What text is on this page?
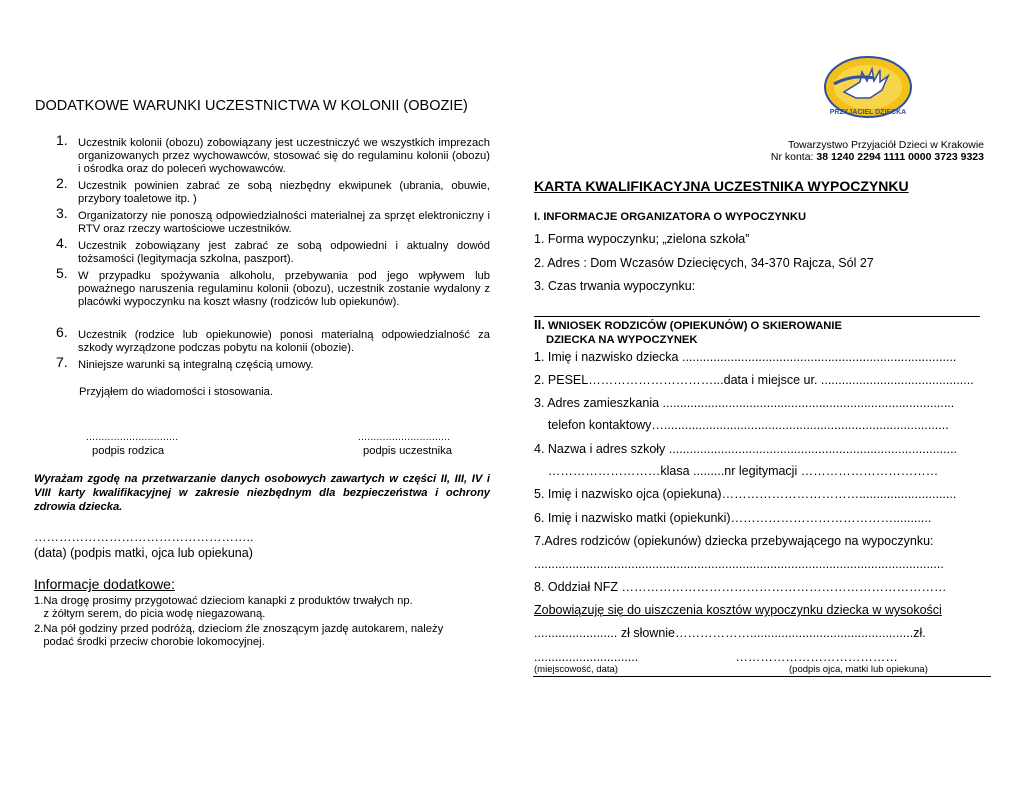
DODATKOWE WARUNKI UCZESTNICTWA W KOLONII (OBOZIE)
1. Uczestnik kolonii (obozu) zobowiązany jest uczestniczyć we wszystkich imprezach organizowanych przez wychowawców, stosować się do regulaminu kolonii (obozu) i ośrodka oraz do poleceń wychowawców.
2. Uczestnik powinien zabrać ze sobą niezbędny ekwipunek (ubrania, obuwie, przybory toaletowe itp. )
3. Organizatorzy nie ponoszą odpowiedzialności materialnej za sprzęt elektroniczny i RTV oraz rzeczy wartościowe uczestników.
4. Uczestnik zobowiązany jest zabrać ze sobą odpowiedni i aktualny dowód tożsamości (legitymacja szkolna, paszport).
5. W przypadku spożywania alkoholu, przebywania pod jego wpływem lub poważnego naruszenia regulaminu kolonii (obozu), uczestnik zostanie wydalony z placówki wypoczynku na koszt własny (rodziców lub opiekunów).
6. Uczestnik (rodzice lub opiekunowie) ponosi materialną odpowiedzialność za szkody wyrządzone podczas pobytu na kolonii (obozie).
7. Niniejsze warunki są integralną częścią umowy.
Przyjąłem do wiadomości i stosowania.
..............................	..............................
podpis rodzica	podpis uczestnika
Wyrażam zgodę na przetwarzanie danych osobowych zawartych w części II, III, IV i VIII karty kwalifikacyjnej w zakresie niezbędnym dla bezpieczeństwa i ochrony zdrowia dziecka.
……………………………………………..
(data) (podpis matki, ojca lub opiekuna)
Informacje dodatkowe:
1.Na drogę prosimy przygotować dzieciom kanapki z produktów trwałych np.
z żółtym serem, do picia wodę niegazowaną.
2.Na pół godziny przed podróżą, dzieciom źle znoszącym jazdę autokarem, należy
podać środki przeciw chorobie lokomocyjnej.
PRZYJACIEL DZIECKA
Towarzystwo Przyjaciół Dzieci w Krakowie
Nr konta: 38 1240 2294 1111 0000 3723 9323
KARTA KWALIFIKACYJNA UCZESTNIKA WYPOCZYNKU
I. INFORMACJE ORGANIZATORA O WYPOCZYNKU
1. Forma wypoczynku; „zielona szkoła”
2. Adres : Dom Wczasów Dziecięcych, 34-370 Rajcza, Sól 27
3. Czas trwania wypoczynku:
II. WNIOSEK RODZICÓW (OPIEKUNÓW) O SKIEROWANIE
DZIECKA NA WYPOCZYNEK
1. Imię i nazwisko dziecka ...............................................................................
2. PESEL…………………………...data i miejsce ur. ............................................
3. Adres zamieszkania ....................................................................................
telefon kontaktowy…..................................................................................
4. Nazwa i adres szkoły ...................................................................................
………………………klasa .........nr legitymacji ……………………………
5. Imię i nazwisko ojca (opiekuna)……………………………............................
6. Imię i nazwisko matki (opiekunki)…………………………………...........
7.Adres rodziców (opiekunów) dziecka przebywającego na wypoczynku:
......................................................................................................................
8. Oddział NFZ ……………………………………………………………………
Zobowiązuję się do uiszczenia kosztów wypoczynku dziecka w wysokości
........................ zł słownie………………...............................................zł.
..............................                            …………………………………
(miejscowość, data)	(podpis ojca, matki lub opiekuna)
